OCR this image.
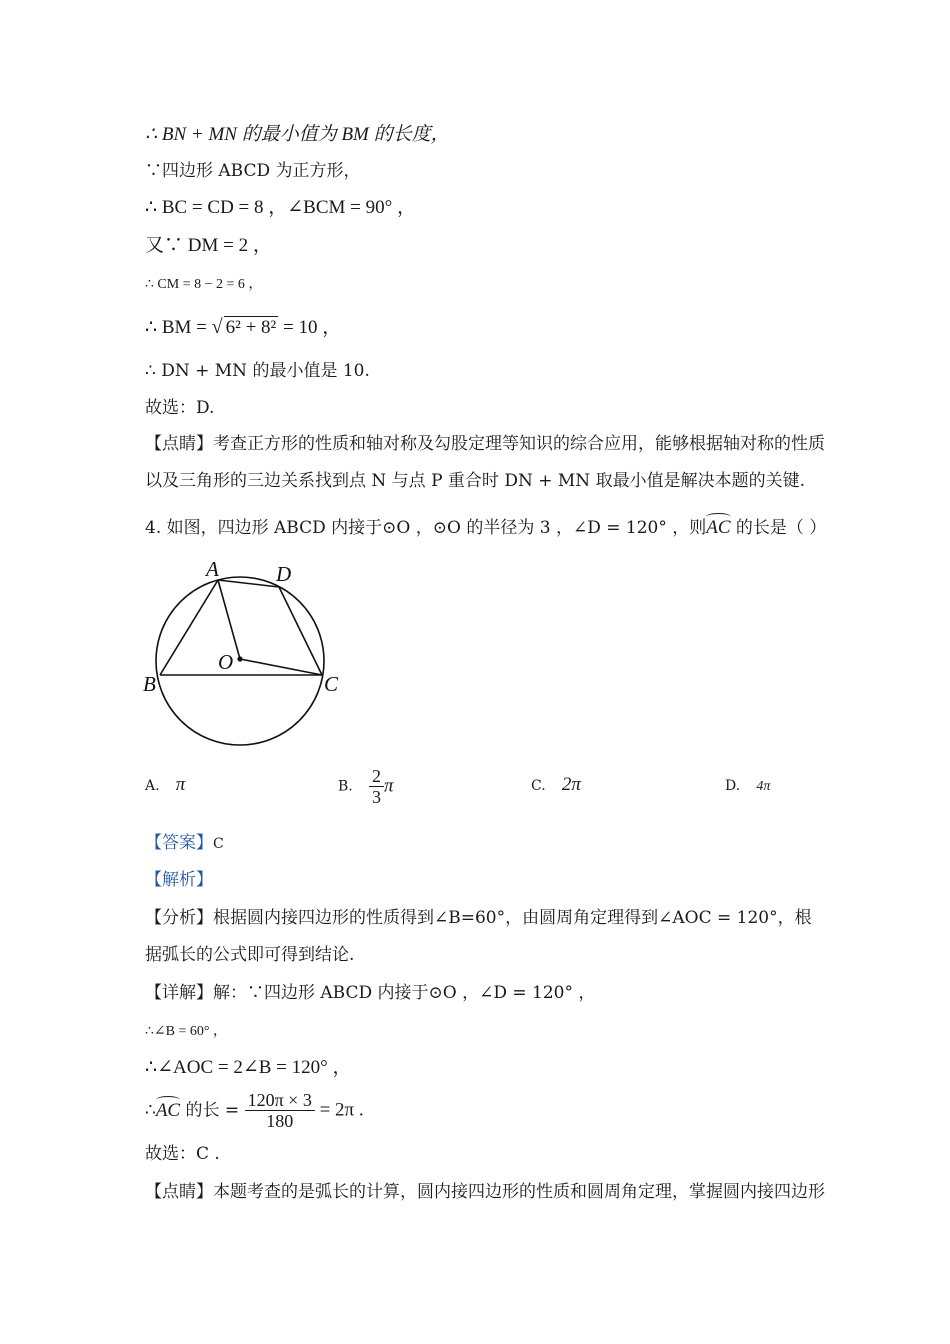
∴ BN + MN 的最小值为 BM 的长度，
∵四边形 ABCD 为正方形，
∴ BC = CD = 8 ，∠BCM = 90° ，
又∵ DM = 2 ，
∴ CM = 8 − 2 = 6 ，
∴ BM = √ 6² + 8² = 10 ，
∴ DN + MN 的最小值是 10.
故选：D.
【点睛】考查正方形的性质和轴对称及勾股定理等知识的综合应用，能够根据轴对称的性质
以及三角形的三边关系找到点 N 与点 P 重合时 DN + MN 取最小值是解决本题的关键.
4. 如图，四边形 ABCD 内接于⊙O ，⊙O 的半径为 3 ，∠D = 120° ，则AC 的长是（ ）
A	D
B	C
O
A. π	B. $\frac{2}{3}$ π	C. 2π	D. 4π
【答案】C
【解析】
【分析】根据圆内接四边形的性质得到∠B=60°，由圆周角定理得到∠AOC = 120°，根
据弧长的公式即可得到结论.
【详解】解：∵四边形 ABCD 内接于⊙O ，∠D = 120° ，
∴∠B = 60° ，
∴∠AOC = 2∠B = 120° ，
∴AC 的长 = $\frac{120\pi \times 3}{180} = 2\pi$ .
故选：C .
【点睛】本题考查的是弧长的计算，圆内接四边形的性质和圆周角定理，掌握圆内接四边形
